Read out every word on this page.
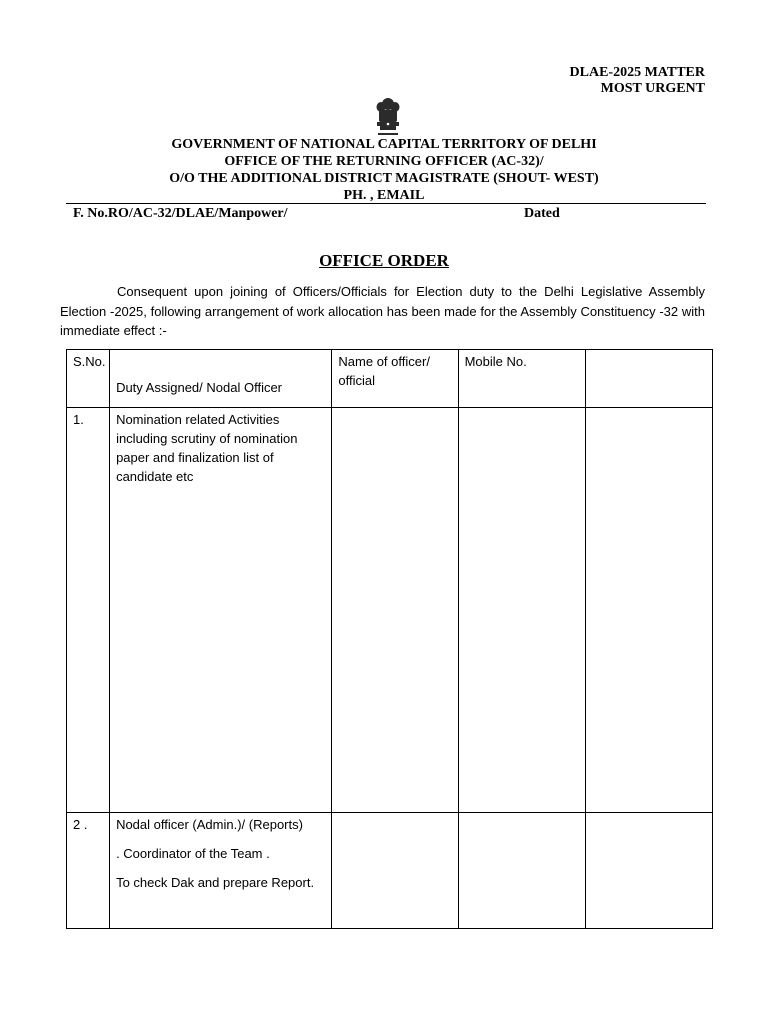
DLAE-2025 MATTER
MOST URGENT
GOVERNMENT OF NATIONAL CAPITAL TERRITORY OF DELHI
OFFICE OF THE RETURNING OFFICER (AC-32)/
O/O THE ADDITIONAL DISTRICT MAGISTRATE (SHOUT- WEST)
PH. , EMAIL
F. No.RO/AC-32/DLAE/Manpower/	Dated
OFFICE ORDER
Consequent upon joining of Officers/Officials for Election duty to the Delhi Legislative Assembly Election -2025, following arrangement of work allocation has been made for the Assembly Constituency -32 with immediate effect :-
S.No.	Duty Assigned/ Nodal Officer	Name of officer/ official	Mobile No.	
1.	Nomination related Activities including scrutiny of nomination paper and finalization list of candidate etc			
2 .	Nodal officer (Admin.)/ (Reports)

. Coordinator of the Team .

To check Dak and prepare Report.			
